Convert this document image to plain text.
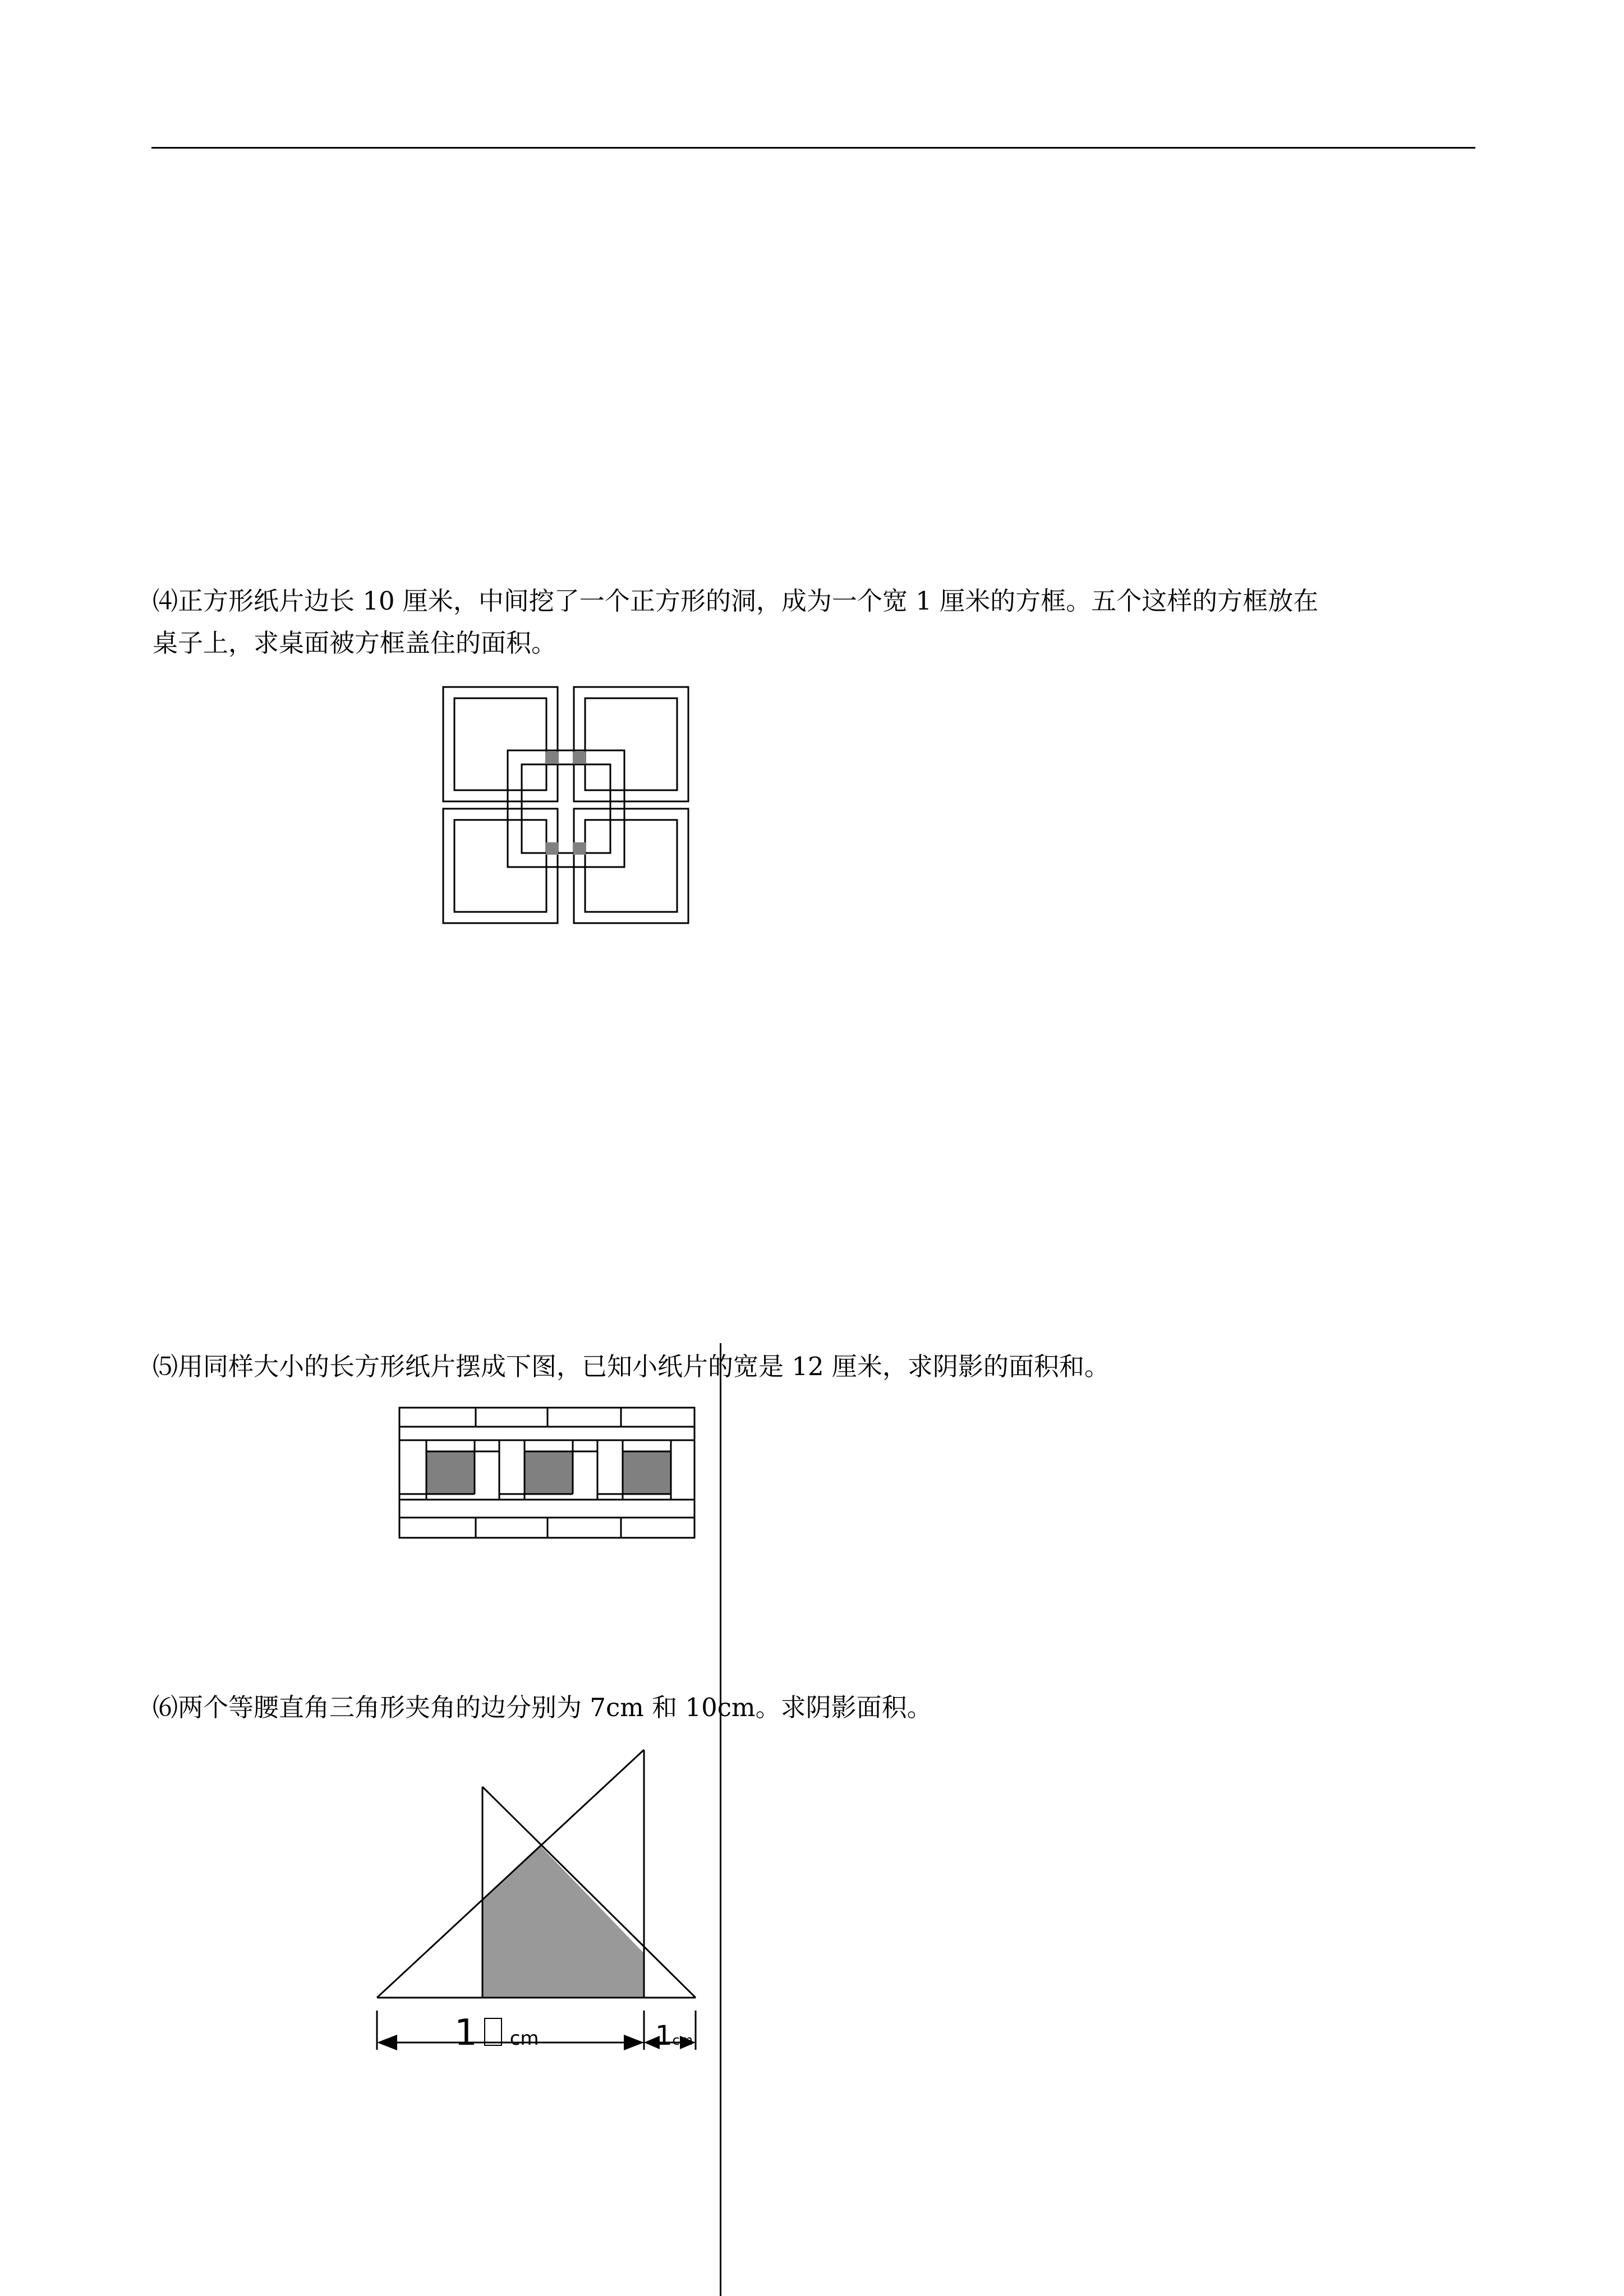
⑷正方形纸片边长 10 厘米，中间挖了一个正方形的洞，成为一个宽 1 厘米的方框。五个这样的方框放在
桌子上，求桌面被方框盖住的面积。
⑸用同样大小的长方形纸片摆成下图，已知小纸片的宽是 12 厘米，求阴影的面积和。
⑹两个等腰直角三角形夹角的边分别为 7cm 和 10cm。求阴影面积。
1 cm	1cm
